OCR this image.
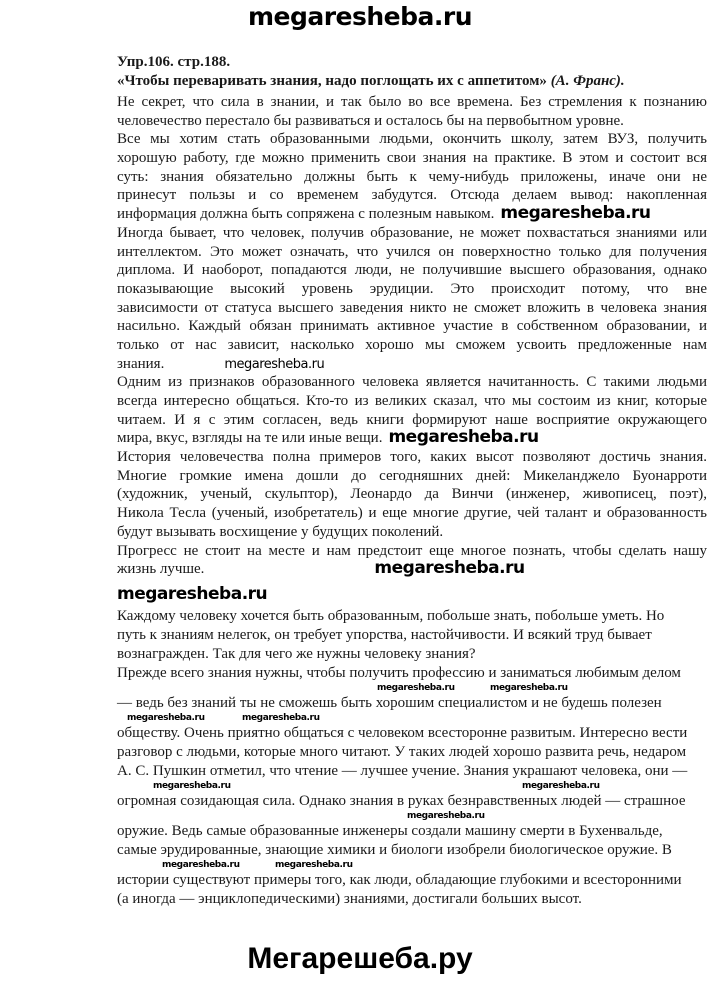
megaresheba.ru
Упр.106. стр.188.
«Чтобы переваривать знания, надо поглощать их с аппетитом» (А. Франс).
Не секрет, что сила в знании, и так было во все времена. Без стремления к познанию
человечество перестало бы развиваться и осталось бы на первобытном уровне.
Все мы хотим стать образованными людьми, окончить школу, затем ВУЗ, получить
хорошую работу, где можно применить свои знания на практике. В этом и состоит вся
суть: знания обязательно должны быть к чему-нибудь приложены, иначе они не
принесут пользы и со временем забудутся. Отсюда делаем вывод: накопленная
информация должна быть сопряжена с полезным навыком. megaresheba.ru
Иногда бывает, что человек, получив образование, не может похвастаться знаниями или
интеллектом. Это может означать, что учился он поверхностно только для получения
диплома. И наоборот, попадаются люди, не получившие высшего образования, однако
показывающие высокий уровень эрудиции. Это происходит потому, что вне
зависимости от статуса высшего заведения никто не сможет вложить в человека знания
насильно. Каждый обязан принимать активное участие в собственном образовании, и
только от нас зависит, насколько хорошо мы сможем усвоить предложенные нам
знания.	megaresheba.ru
Одним из признаков образованного человека является начитанность. С такими людьми
всегда интересно общаться. Кто-то из великих сказал, что мы состоим из книг, которые
читаем. И я с этим согласен, ведь книги формируют наше восприятие окружающего
мира, вкус, взгляды на те или иные вещи. megaresheba.ru
История человечества полна примеров того, каких высот позволяют достичь знания.
Многие громкие имена дошли до сегодняшних дней: Микеланджело Буонарроти
(художник, ученый, скульптор), Леонардо да Винчи (инженер, живописец, поэт),
Никола Тесла (ученый, изобретатель) и еще многие другие, чей талант и образованность
будут вызывать восхищение у будущих поколений.
Прогресс не стоит на месте и нам предстоит еще многое познать, чтобы сделать нашу
жизнь лучше.	megaresheba.ru
megaresheba.ru
Каждому человеку хочется быть образованным, побольше знать, побольше уметь. Но
путь к знаниям нелегок, он требует упорства, настойчивости. И всякий труд бывает
вознагражден. Так для чего же нужны человеку знания?
Прежде всего знания нужны, чтобы получить профессию и заниматься любимым делом
megaresheba.ru	megaresheba.ru
— ведь без знаний ты не сможешь быть хорошим специалистом и не будешь полезен
megaresheba.ru	megaresheba.ru
обществу. Очень приятно общаться с человеком всесторонне развитым. Интересно вести
разговор с людьми, которые много читают. У таких людей хорошо развита речь, недаром
А. С. Пушкин отметил, что чтение — лучшее учение. Знания украшают человека, они —
megaresheba.ru	megaresheba.ru
огромная созидающая сила. Однако знания в руках безнравственных людей — страшное
megaresheba.ru
оружие. Ведь самые образованные инженеры создали машину смерти в Бухенвальде,
самые эрудированные, знающие химики и биологи изобрели биологическое оружие. В
megaresheba.ru	megaresheba.ru
истории существуют примеры того, как люди, обладающие глубокими и всесторонними
(а иногда — энциклопедическими) знаниями, достигали больших высот.
Мегарешеба.ру
